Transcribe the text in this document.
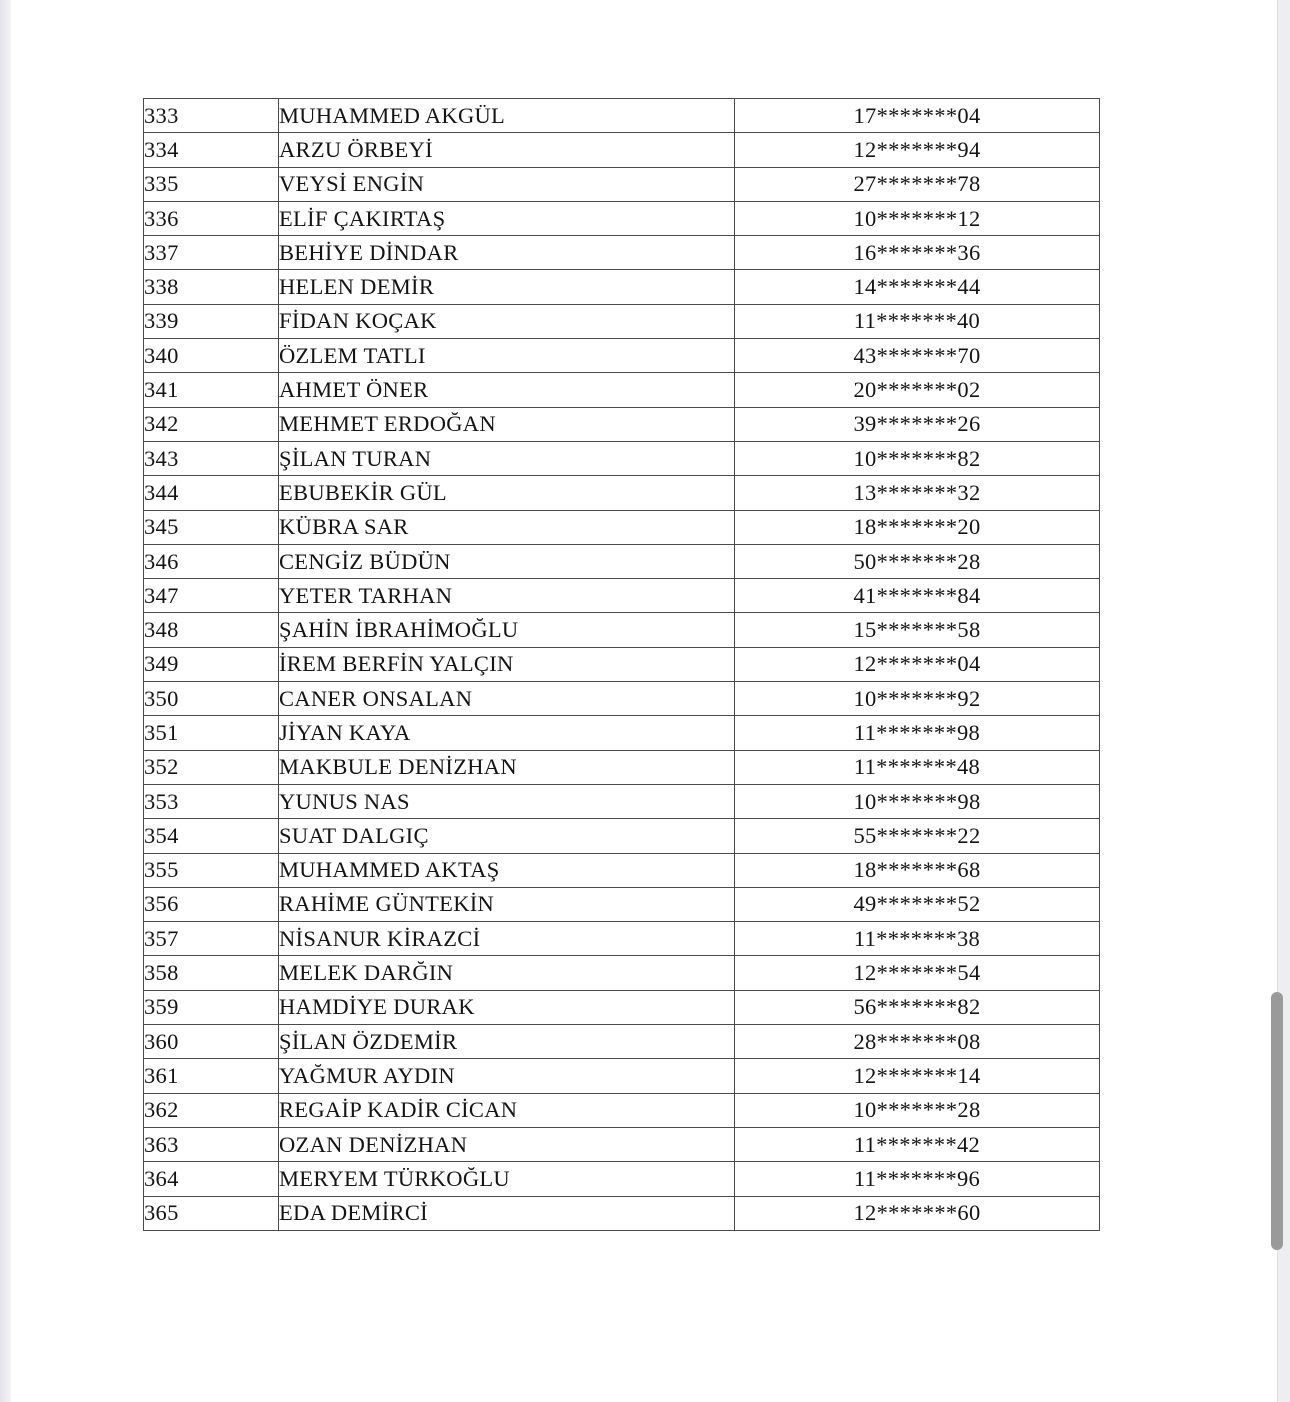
333	MUHAMMED AKGÜL	17*******04
334	ARZU ÖRBEYİ	12*******94
335	VEYSİ ENGİN	27*******78
336	ELİF ÇAKIRTAŞ	10*******12
337	BEHİYE DİNDAR	16*******36
338	HELEN DEMİR	14*******44
339	FİDAN KOÇAK	11*******40
340	ÖZLEM TATLI	43*******70
341	AHMET ÖNER	20*******02
342	MEHMET ERDOĞAN	39*******26
343	ŞİLAN TURAN	10*******82
344	EBUBEKİR GÜL	13*******32
345	KÜBRA SAR	18*******20
346	CENGİZ BÜDÜN	50*******28
347	YETER TARHAN	41*******84
348	ŞAHİN İBRAHİMOĞLU	15*******58
349	İREM BERFİN YALÇIN	12*******04
350	CANER ONSALAN	10*******92
351	JİYAN KAYA	11*******98
352	MAKBULE DENİZHAN	11*******48
353	YUNUS NAS	10*******98
354	SUAT DALGIÇ	55*******22
355	MUHAMMED AKTAŞ	18*******68
356	RAHİME GÜNTEKİN	49*******52
357	NİSANUR KİRAZCİ	11*******38
358	MELEK DARĞIN	12*******54
359	HAMDİYE DURAK	56*******82
360	ŞİLAN ÖZDEMİR	28*******08
361	YAĞMUR AYDIN	12*******14
362	REGAİP KADİR CİCAN	10*******28
363	OZAN DENİZHAN	11*******42
364	MERYEM TÜRKOĞLU	11*******96
365	EDA DEMİRCİ	12*******60
